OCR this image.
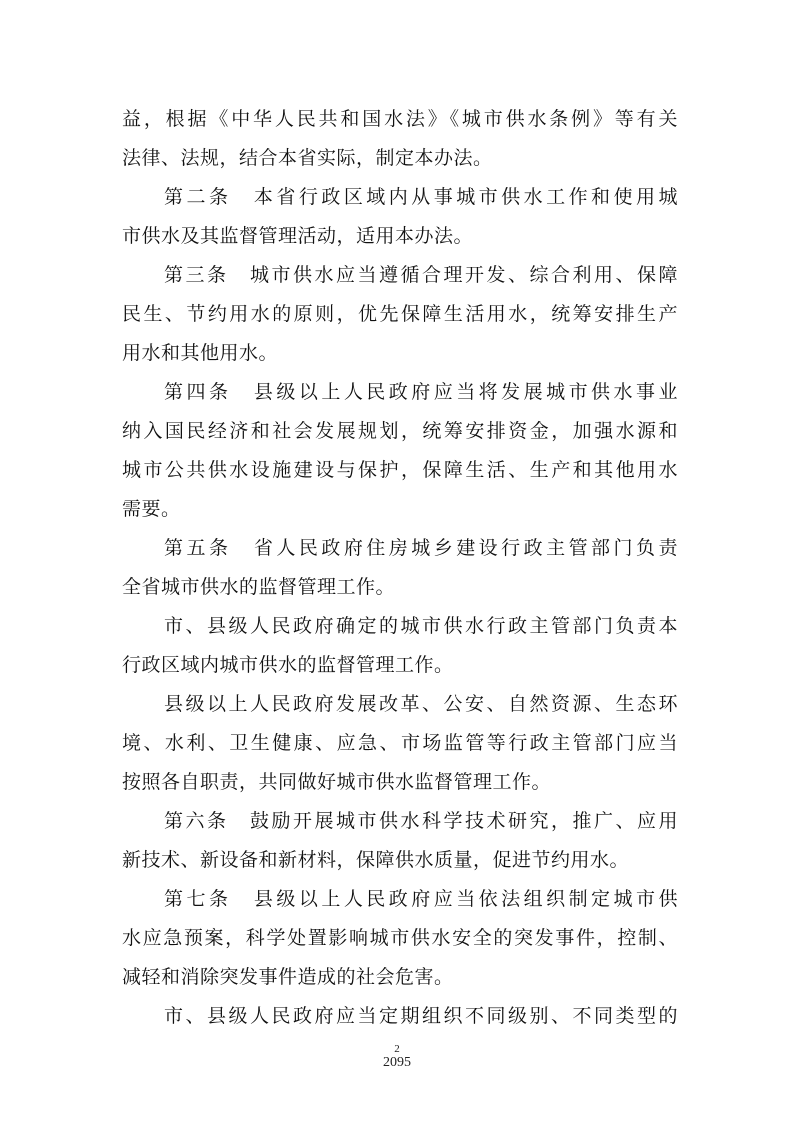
益，根据《中华人民共和国水法》《城市供水条例》等有关
法律、法规，结合本省实际，制定本办法。
第二条　本省行政区域内从事城市供水工作和使用城
市供水及其监督管理活动，适用本办法。
第三条　城市供水应当遵循合理开发、综合利用、保障
民生、节约用水的原则，优先保障生活用水，统筹安排生产
用水和其他用水。
第四条　县级以上人民政府应当将发展城市供水事业
纳入国民经济和社会发展规划，统筹安排资金，加强水源和
城市公共供水设施建设与保护，保障生活、生产和其他用水
需要。
第五条　省人民政府住房城乡建设行政主管部门负责
全省城市供水的监督管理工作。
市、县级人民政府确定的城市供水行政主管部门负责本
行政区域内城市供水的监督管理工作。
县级以上人民政府发展改革、公安、自然资源、生态环
境、水利、卫生健康、应急、市场监管等行政主管部门应当
按照各自职责，共同做好城市供水监督管理工作。
第六条　鼓励开展城市供水科学技术研究，推广、应用
新技术、新设备和新材料，保障供水质量，促进节约用水。
第七条　县级以上人民政府应当依法组织制定城市供
水应急预案，科学处置影响城市供水安全的突发事件，控制、
减轻和消除突发事件造成的社会危害。
市、县级人民政府应当定期组织不同级别、不同类型的
2
2095
